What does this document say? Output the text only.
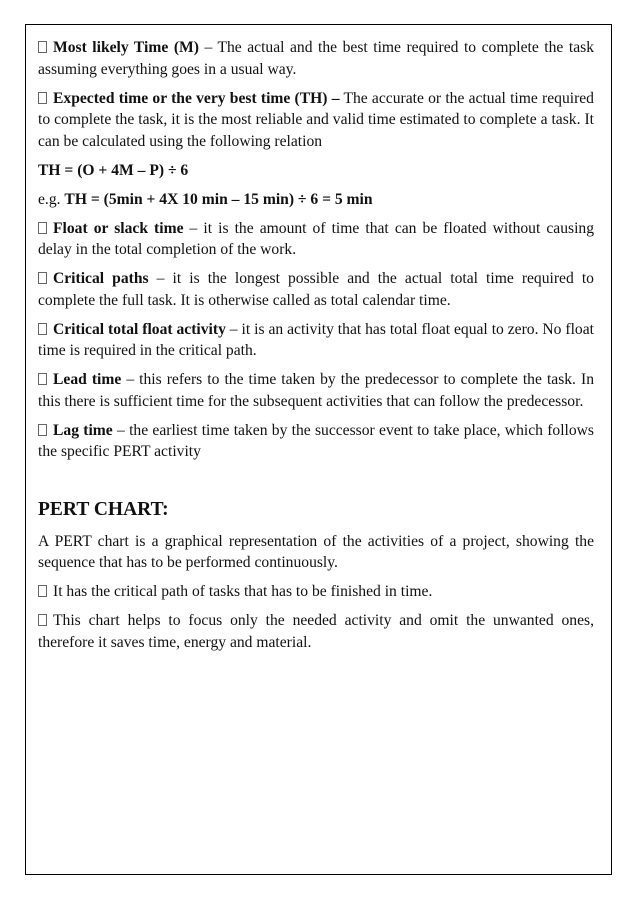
Most likely Time (M) – The actual and the best time required to complete the task assuming everything goes in a usual way.

Expected time or the very best time (TH) – The accurate or the actual time required to complete the task, it is the most reliable and valid time estimated to complete a task. It can be calculated using the following relation

TH = (O + 4M – P) ÷ 6

e.g. TH = (5min + 4X 10 min – 15 min) ÷ 6 = 5 min

Float or slack time – it is the amount of time that can be floated without causing delay in the total completion of the work.

Critical paths – it is the longest possible and the actual total time required to complete the full task. It is otherwise called as total calendar time.

Critical total float activity – it is an activity that has total float equal to zero. No float time is required in the critical path.

Lead time – this refers to the time taken by the predecessor to complete the task. In this there is sufficient time for the subsequent activities that can follow the predecessor.

Lag time – the earliest time taken by the successor event to take place, which follows the specific PERT activity

PERT CHART:

A PERT chart is a graphical representation of the activities of a project, showing the sequence that has to be performed continuously.

It has the critical path of tasks that has to be finished in time.

This chart helps to focus only the needed activity and omit the unwanted ones, therefore it saves time, energy and material.
